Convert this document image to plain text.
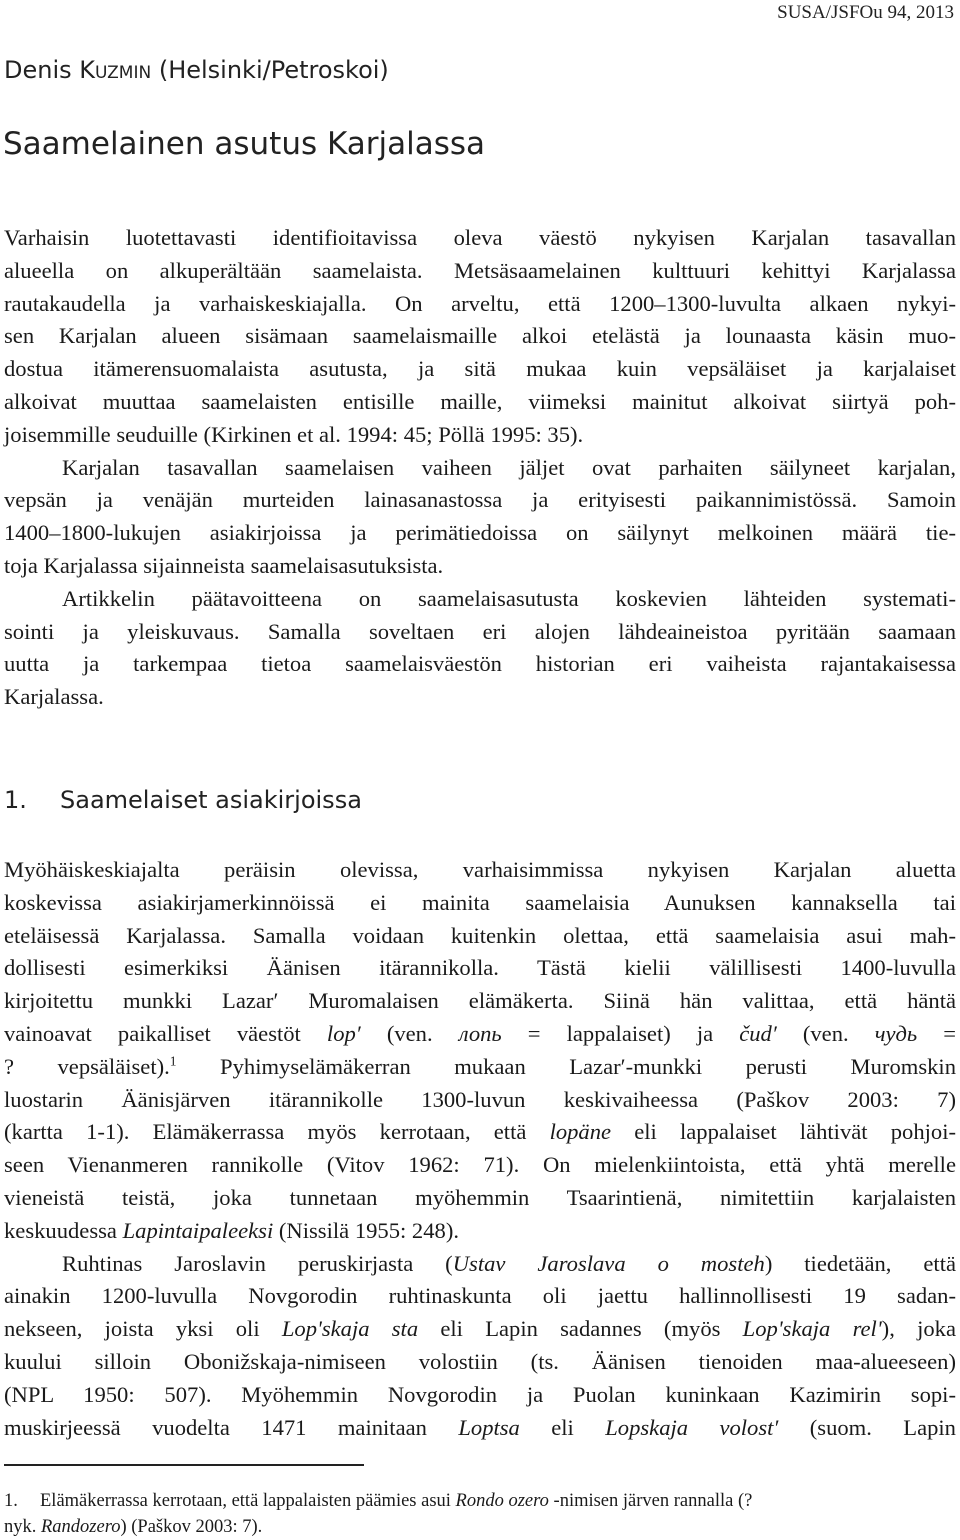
SUSA/JSFOu 94, 2013
Denis Kuzmin (Helsinki/Petroskoi)
Saamelainen asutus Karjalassa
Varhaisin luotettavasti identifioitavissa oleva väestö nykyisen Karjalan tasavallan
alueella on alkuperältään saamelaista. Metsäsaamelainen kulttuuri kehittyi Karjalassa
rautakaudella ja varhaiskeskiajalla. On arveltu, että 1200–1300-luvulta alkaen nykyi-
sen Karjalan alueen sisämaan saamelaismaille alkoi etelästä ja lounaasta käsin muo-
dostua itämerensuomalaista asutusta, ja sitä mukaa kuin vepsäläiset ja karjalaiset
alkoivat muuttaa saamelaisten entisille maille, viimeksi mainitut alkoivat siirtyä poh-
joisemmille seuduille (Kirkinen et al. 1994: 45; Pöllä 1995: 35).
Karjalan tasavallan saamelaisen vaiheen jäljet ovat parhaiten säilyneet karjalan,
vepsän ja venäjän murteiden lainasanastossa ja erityisesti paikannimistössä. Samoin
1400–1800-lukujen asiakirjoissa ja perimätiedoissa on säilynyt melkoinen määrä tie-
toja Karjalassa sijainneista saamelaisasutuksista.
Artikkelin päätavoitteena on saamelaisasutusta koskevien lähteiden systemati-
sointi ja yleiskuvaus. Samalla soveltaen eri alojen lähdeaineistoa pyritään saamaan
uutta ja tarkempaa tietoa saamelaisväestön historian eri vaiheista rajantakaisessa
Karjalassa.
1. Saamelaiset asiakirjoissa
Myöhäiskeskiajalta peräisin olevissa, varhaisimmissa nykyisen Karjalan aluetta
koskevissa asiakirjamerkinnöissä ei mainita saamelaisia Aunuksen kannaksella tai
eteläisessä Karjalassa. Samalla voidaan kuitenkin olettaa, että saamelaisia asui mah-
dollisesti esimerkiksi Äänisen itärannikolla. Tästä kielii välillisesti 1400-luvulla
kirjoitettu munkki Lazar′ Muromalaisen elämäkerta. Siinä hän valittaa, että häntä
vainoavat paikalliset väestöt lop′ (ven. лопь = lappalaiset) ja čud′ (ven. чудь =
? vepsäläiset).$^1$ Pyhimyselämäkerran mukaan Lazar′-munkki perusti Muromskin
luostarin Äänisjärven itärannikolle 1300-luvun keskivaiheessa (Paškov 2003: 7)
(kartta 1-1). Elämäkerrassa myös kerrotaan, että lopäne eli lappalaiset lähtivät pohjoi-
seen Vienanmeren rannikolle (Vitov 1962: 71). On mielenkiintoista, että yhtä merelle
vieneistä teistä, joka tunnetaan myöhemmin Tsaarintienä, nimitettiin karjalaisten
keskuudessa Lapintaipaleeksi (Nissilä 1955: 248).
Ruhtinas Jaroslavin peruskirjasta (Ustav Jaroslava o mosteh) tiedetään, että
ainakin 1200-luvulla Novgorodin ruhtinaskunta oli jaettu hallinnollisesti 19 sadan-
nekseen, joista yksi oli Lop'skaja sta eli Lapin sadannes (myös Lop'skaja rel'), joka
kuului silloin Obonižskaja-nimiseen volostiin (ts. Äänisen tienoiden maa-alueeseen)
(NPL 1950: 507). Myöhemmin Novgorodin ja Puolan kuninkaan Kazimirin sopi-
muskirjeessä vuodelta 1471 mainitaan Loptsa eli Lopskaja volost′ (suom. Lapin
1. Elämäkerrassa kerrotaan, että lappalaisten päämies asui Rondo ozero -nimisen järven rannalla (?
nyk. Randozero) (Paškov 2003: 7).
